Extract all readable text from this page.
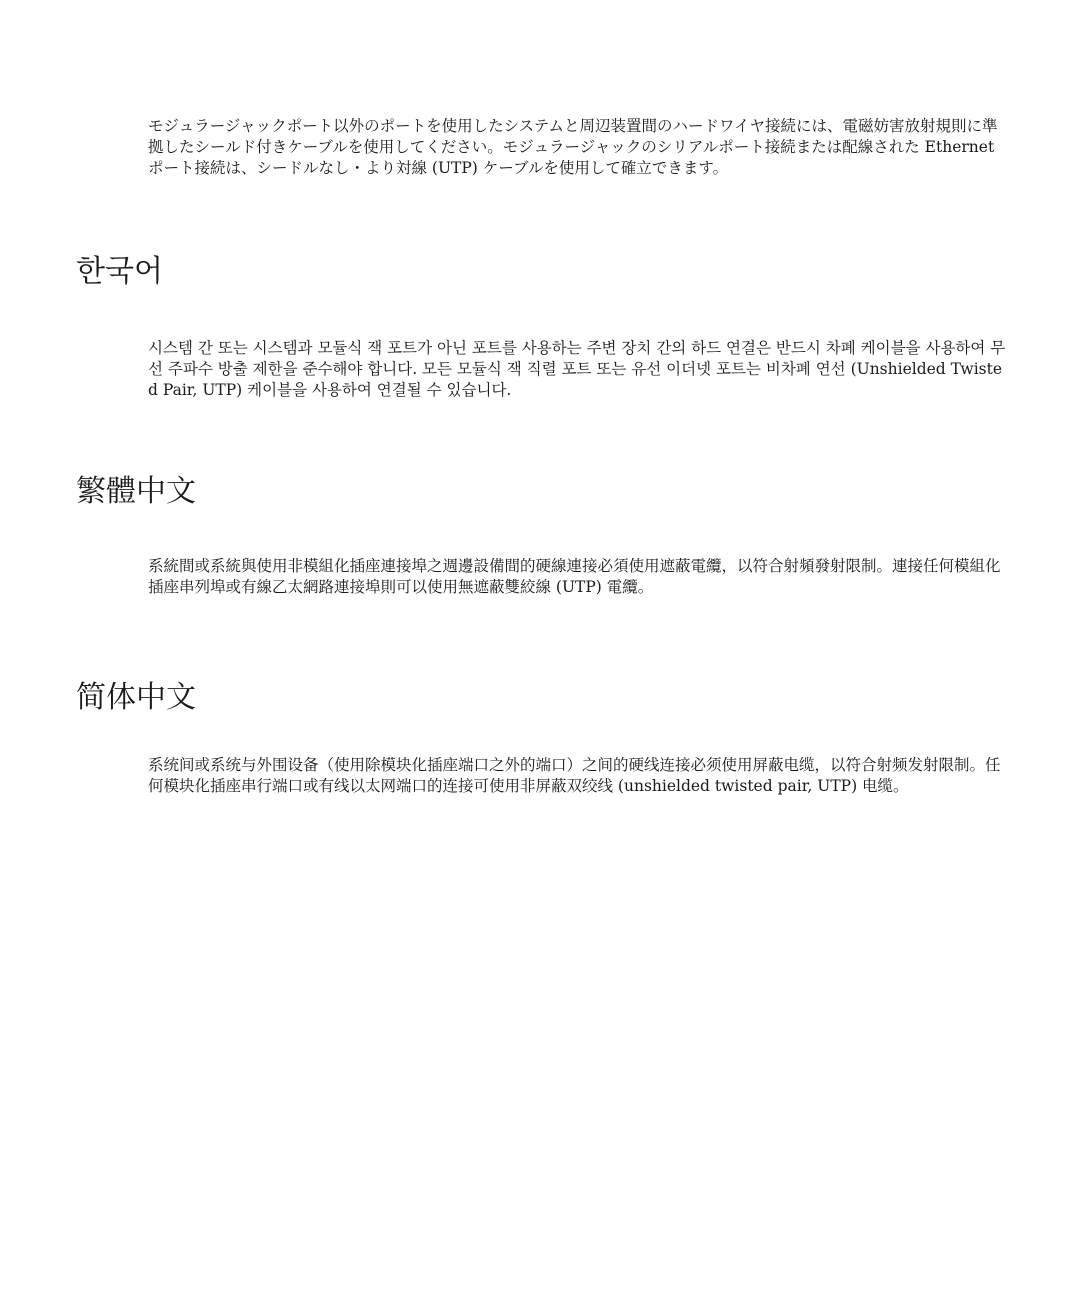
モジュラージャックポート以外のポートを使用したシステムと周辺装置間のハードワイヤ接続には、電磁妨害放射規則に準拠したシールド付きケーブルを使用してください。モジュラージャックのシリアルポート接続または配線された Ethernet ポート接続は、シードルなし・より対線 (UTP) ケーブルを使用して確立できます。

한국어

시스템 간 또는 시스템과 모듈식 잭 포트가 아닌 포트를 사용하는 주변 장치 간의 하드 연결은 반드시 차폐 케이블을 사용하여 무선 주파수 방출 제한을 준수해야 합니다. 모든 모듈식 잭 직렬 포트 또는 유선 이더넷 포트는 비차폐 연선 (Unshielded Twisted Pair, UTP) 케이블을 사용하여 연결될 수 있습니다.

繁體中文

系統間或系統與使用非模組化插座連接埠之週邊設備間的硬線連接必須使用遮蔽電纜，以符合射頻發射限制。連接任何模組化插座串列埠或有線乙太網路連接埠則可以使用無遮蔽雙絞線 (UTP) 電纜。

简体中文

系统间或系统与外围设备（使用除模块化插座端口之外的端口）之间的硬线连接必须使用屏蔽电缆，以符合射频发射限制。任何模块化插座串行端口或有线以太网端口的连接可使用非屏蔽双绞线 (unshielded twisted pair, UTP) 电缆。
